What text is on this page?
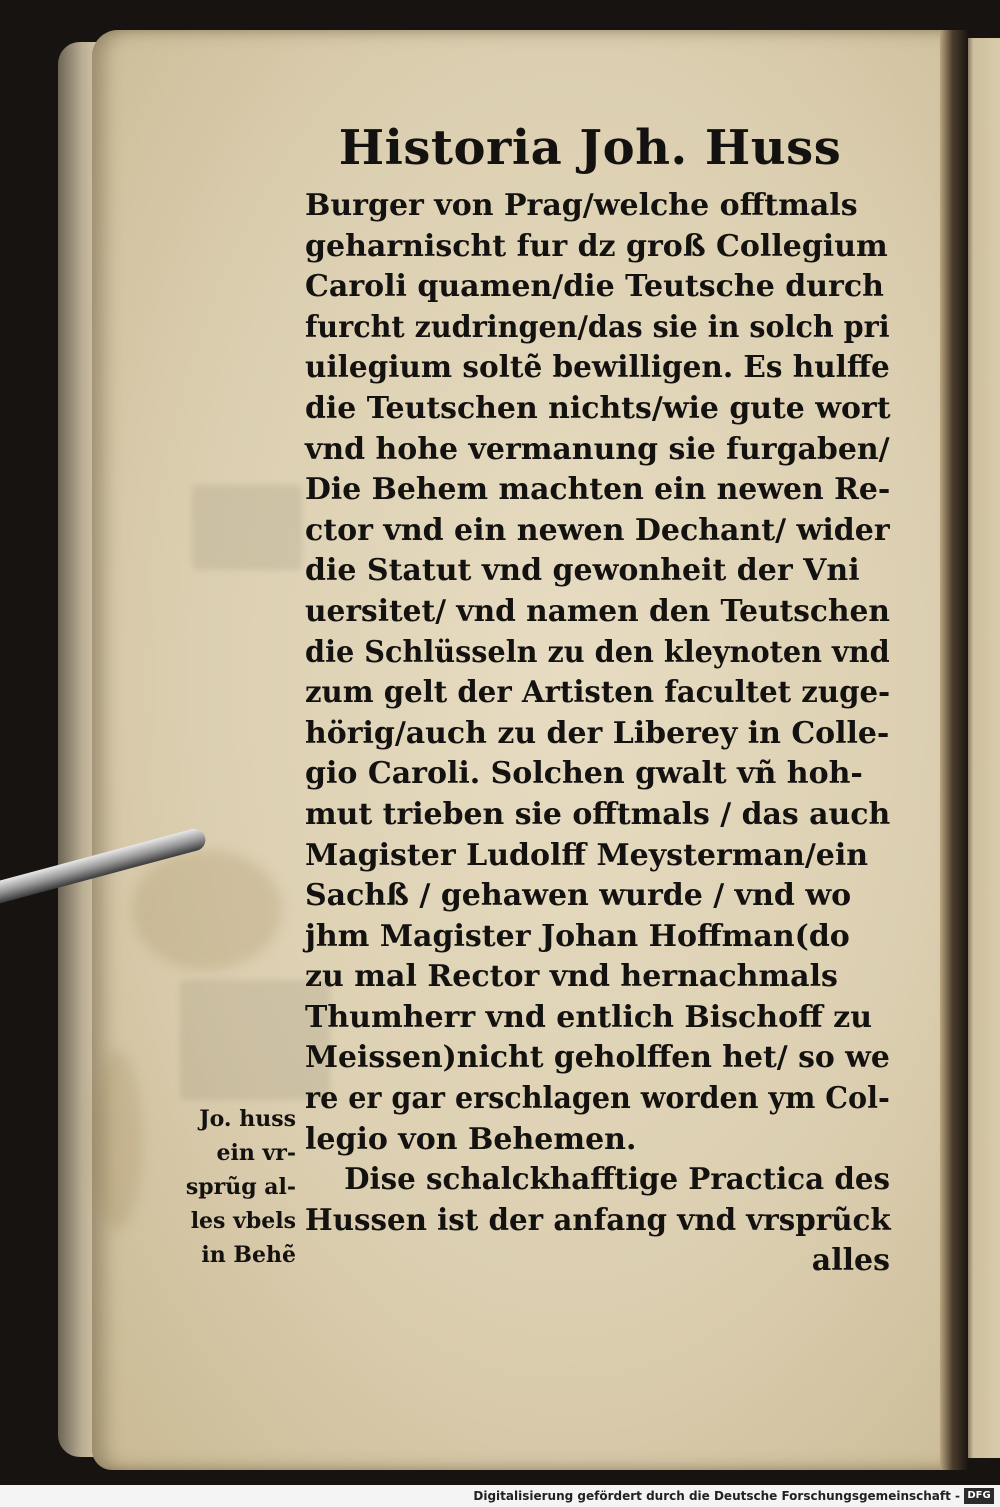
Historia Joh. Huss
Burger von Prag/welche offtmals
geharnischt fur dz groß Collegium
Caroli quamen/die Teutsche durch
furcht zudringen/das sie in solch pri
uilegium soltẽ bewilligen. Es hulffe
die Teutschen nichts/wie gute wort
vnd hohe vermanung sie furgaben/
Die Behem machten ein newen Re-
ctor vnd ein newen Dechant/ wider
die Statut vnd gewonheit der Vni
uersitet/ vnd namen den Teutschen
die Schlüsseln zu den kleynoten vnd
zum gelt der Artisten facultet zuge-
hörig/auch zu der Liberey in Colle-
gio Caroli. Solchen gwalt vñ hoh-
mut trieben sie offtmals / das auch
Magister Ludolff Meysterman/ein
Sachß / gehawen wurde / vnd wo
jhm Magister Johan Hoffman(do
zu mal Rector vnd hernachmals
Thumherr vnd entlich Bischoff zu
Meissen)nicht geholffen het/ so we
re er gar erschlagen worden ym Col-
legio von Behemen.
Dise schalckhafftige Practica des
Hussen ist der anfang vnd vrsprũck
alles
Jo. huss
ein vr-
sprũg al-
les vbels
in Behẽ
Digitalisierung gefördert durch die Deutsche Forschungsgemeinschaft - DFG
